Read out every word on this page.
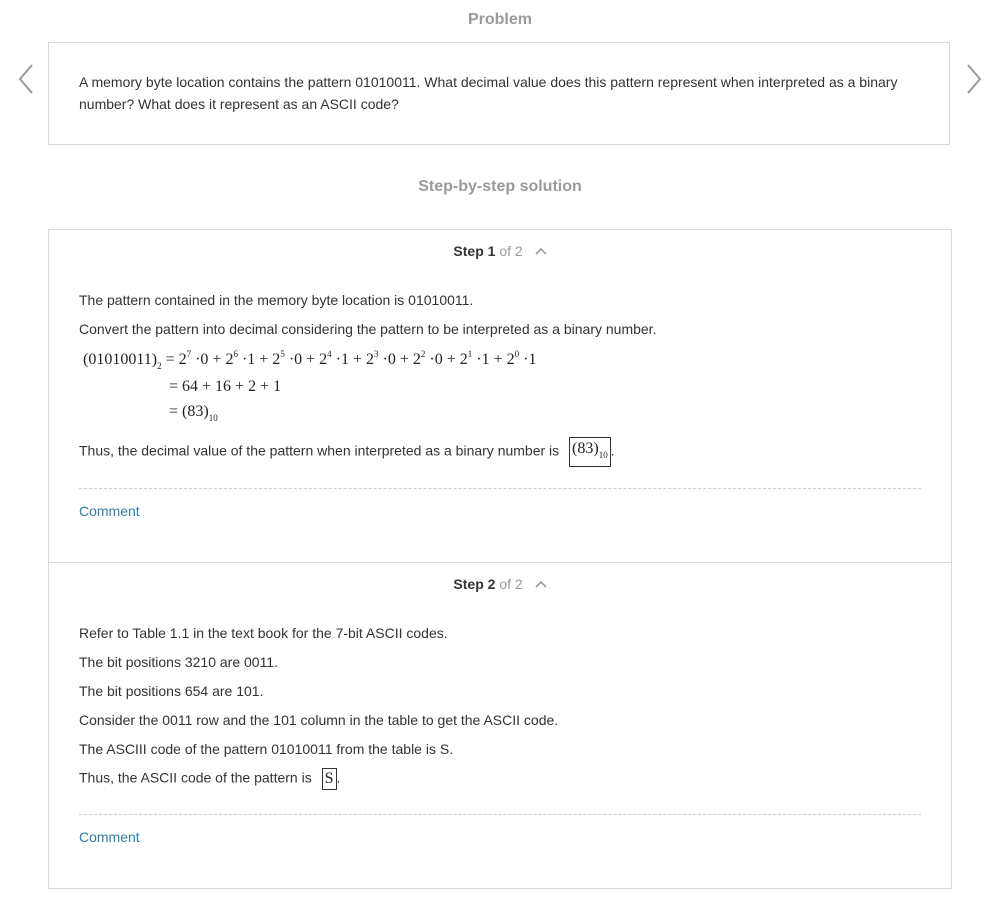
Problem
A memory byte location contains the pattern 01010011. What decimal value does this pattern represent when interpreted as a binary number? What does it represent as an ASCII code?
Step-by-step solution
Step 1 of 2
The pattern contained in the memory byte location is 01010011.
Convert the pattern into decimal considering the pattern to be interpreted as a binary number.
$(01010011)_2 = 2^7 \cdot 0 + 2^6 \cdot 1 + 2^5 \cdot 0 + 2^4 \cdot 1 + 2^3 \cdot 0 + 2^2 \cdot 0 + 2^1 \cdot 1 + 2^0 \cdot 1$
= 64 + 16 + 2 + 1
= $(83)_{10}$
Thus, the decimal value of the pattern when interpreted as a binary number is $(83)_{10}$ .
Comment
Step 2 of 2
Refer to Table 1.1 in the text book for the 7-bit ASCII codes.
The bit positions 3210 are 0011.
The bit positions 654 are 101.
Consider the 0011 row and the 101 column in the table to get the ASCII code.
The ASCIII code of the pattern 01010011 from the table is S.
Thus, the ASCII code of the pattern is S .
Comment
